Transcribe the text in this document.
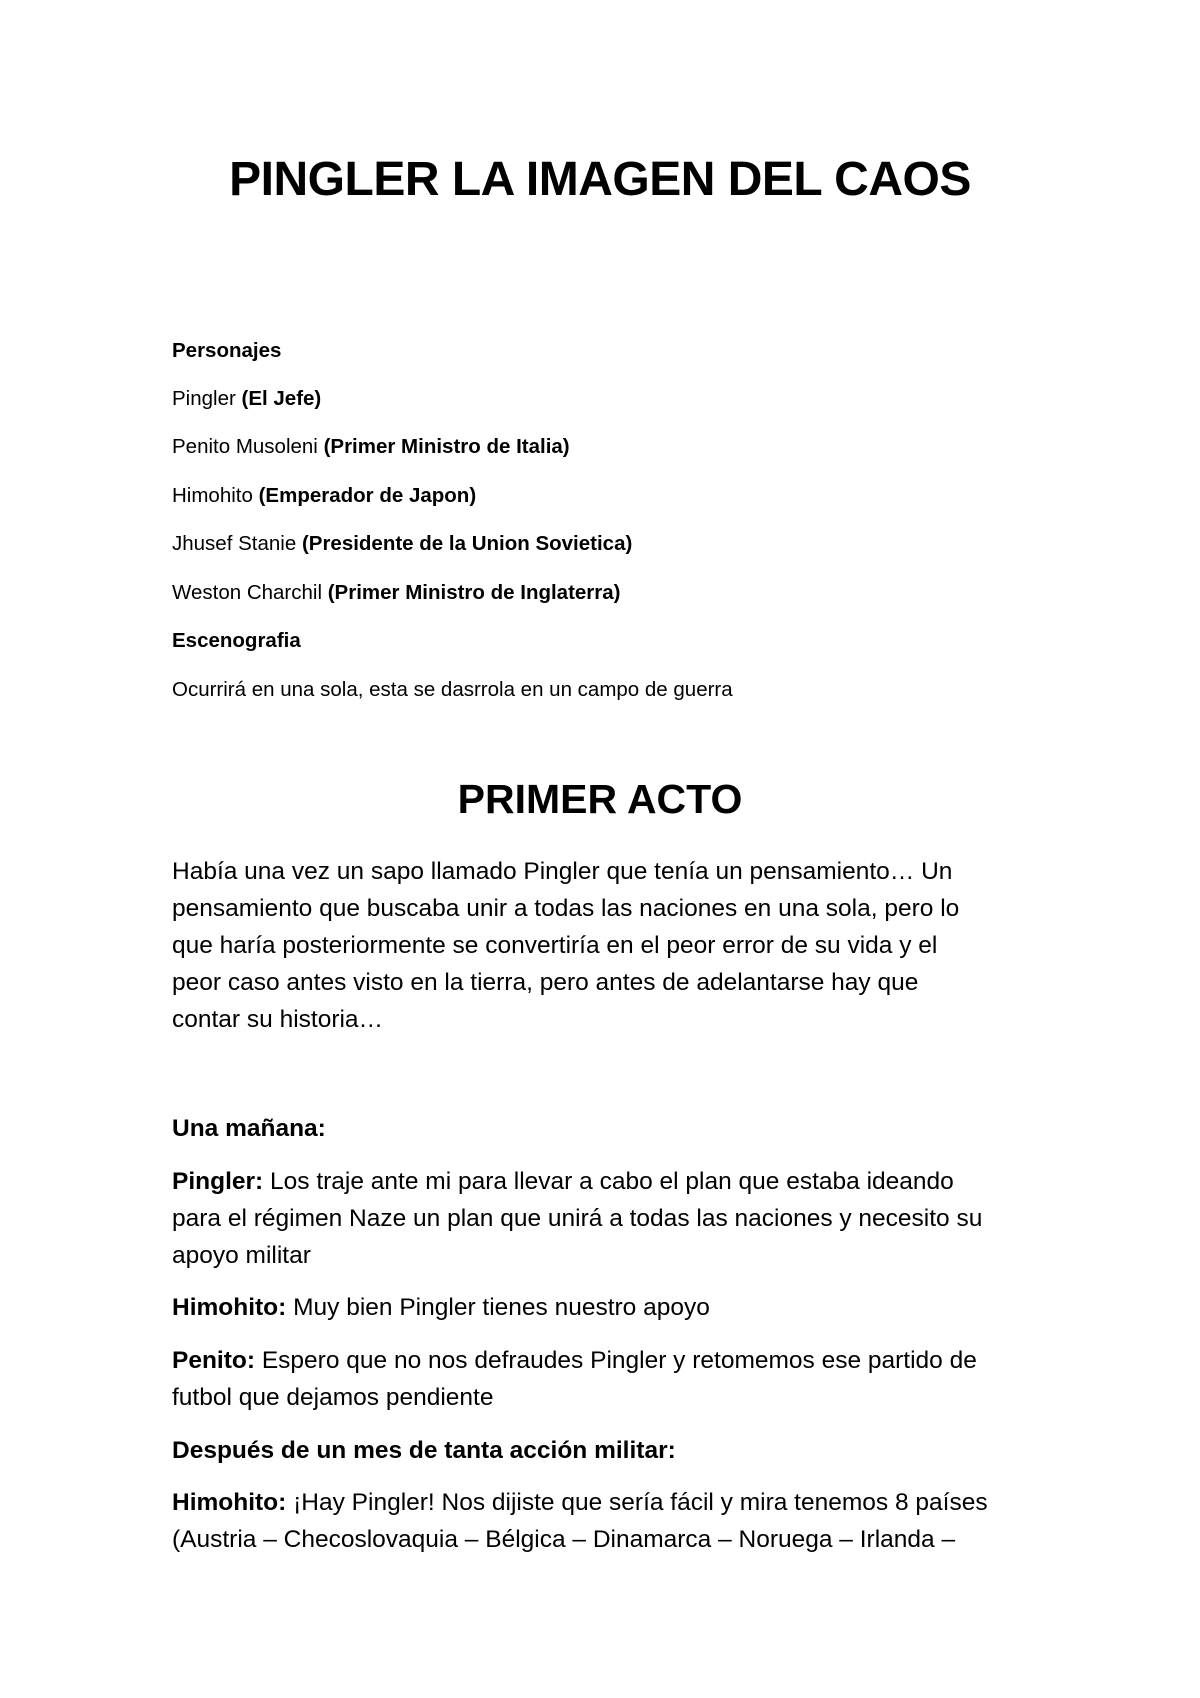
PINGLER LA IMAGEN DEL CAOS

Personajes

Pingler (El Jefe)

Penito Musoleni (Primer Ministro de Italia)

Himohito (Emperador de Japon)

Jhusef Stanie (Presidente de la Union Sovietica)

Weston Charchil (Primer Ministro de Inglaterra)

Escenografia

Ocurrirá en una sola, esta se dasrrola en un campo de guerra

PRIMER ACTO

Había una vez un sapo llamado Pingler que tenía un pensamiento… Un

pensamiento que buscaba unir a todas las naciones en una sola, pero lo

que haría posteriormente se convertiría en el peor error de su vida y el

peor caso antes visto en la tierra, pero antes de adelantarse hay que

contar su historia…

Una mañana:

Pingler: Los traje ante mi para llevar a cabo el plan que estaba ideando

para el régimen Naze un plan que unirá a todas las naciones y necesito su

apoyo militar

Himohito: Muy bien Pingler tienes nuestro apoyo

Penito: Espero que no nos defraudes Pingler y retomemos ese partido de

futbol que dejamos pendiente

Después de un mes de tanta acción militar:

Himohito: ¡Hay Pingler! Nos dijiste que sería fácil y mira tenemos 8 países

(Austria – Checoslovaquia – Bélgica – Dinamarca – Noruega – Irlanda –
